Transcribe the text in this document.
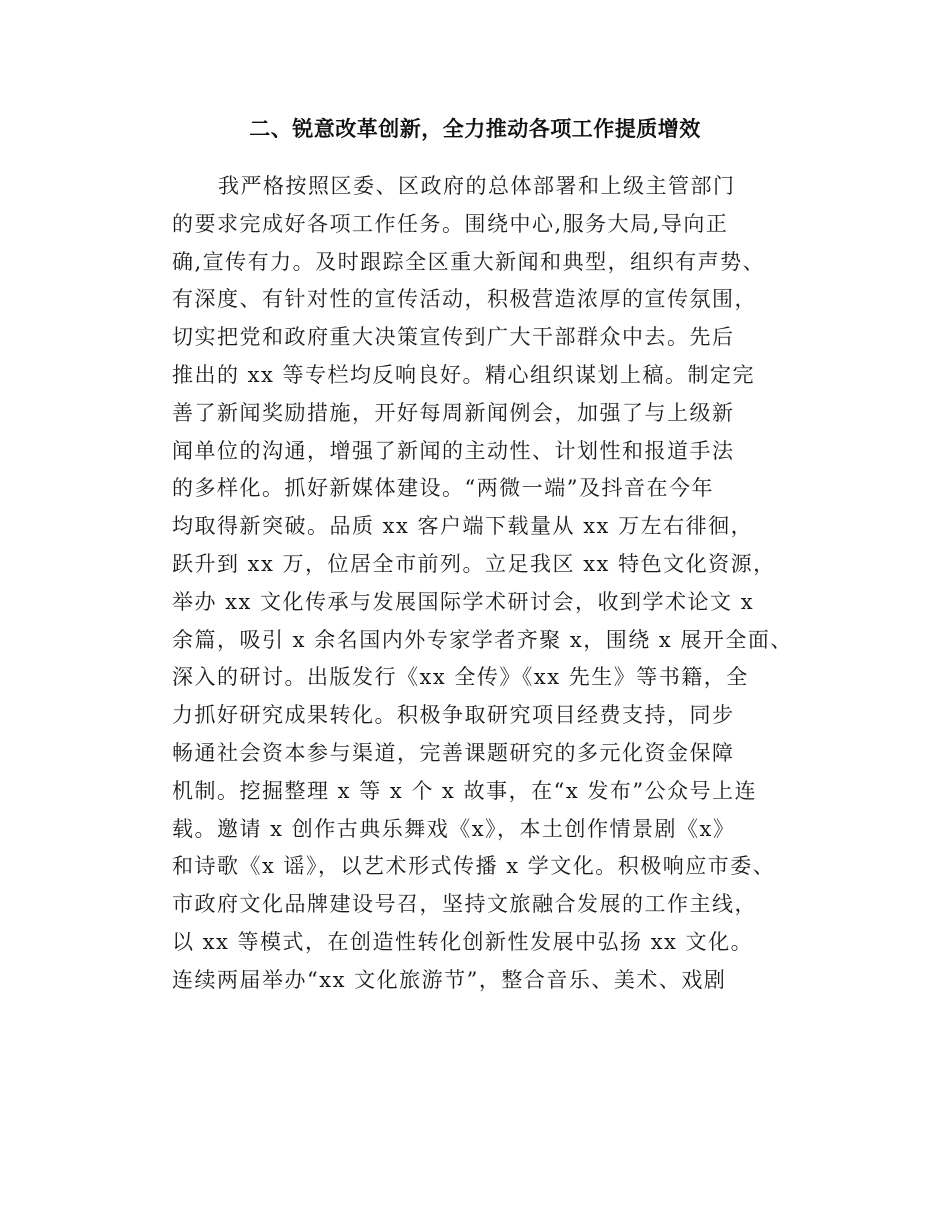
二、锐意改革创新，全力推动各项工作提质增效
我严格按照区委、区政府的总体部署和上级主管部门
的要求完成好各项工作任务。围绕中心,服务大局,导向正
确,宣传有力。及时跟踪全区重大新闻和典型，组织有声势、
有深度、有针对性的宣传活动，积极营造浓厚的宣传氛围，
切实把党和政府重大决策宣传到广大干部群众中去。先后
推出的 xx 等专栏均反响良好。精心组织谋划上稿。制定完
善了新闻奖励措施，开好每周新闻例会，加强了与上级新
闻单位的沟通，增强了新闻的主动性、计划性和报道手法
的多样化。抓好新媒体建设。“两微一端”及抖音在今年
均取得新突破。品质 xx 客户端下载量从 xx 万左右徘徊，
跃升到 xx 万，位居全市前列。立足我区 xx 特色文化资源，
举办 xx 文化传承与发展国际学术研讨会，收到学术论文 x
余篇，吸引 x 余名国内外专家学者齐聚 x，围绕 x 展开全面、
深入的研讨。出版发行《xx 全传》《xx 先生》等书籍，全
力抓好研究成果转化。积极争取研究项目经费支持，同步
畅通社会资本参与渠道，完善课题研究的多元化资金保障
机制。挖掘整理 x 等 x 个 x 故事，在“x 发布”公众号上连
载。邀请 x 创作古典乐舞戏《x》，本土创作情景剧《x》
和诗歌《x 谣》，以艺术形式传播 x 学文化。积极响应市委、
市政府文化品牌建设号召，坚持文旅融合发展的工作主线，
以 xx 等模式，在创造性转化创新性发展中弘扬 xx 文化。
连续两届举办“xx 文化旅游节”，整合音乐、美术、戏剧
